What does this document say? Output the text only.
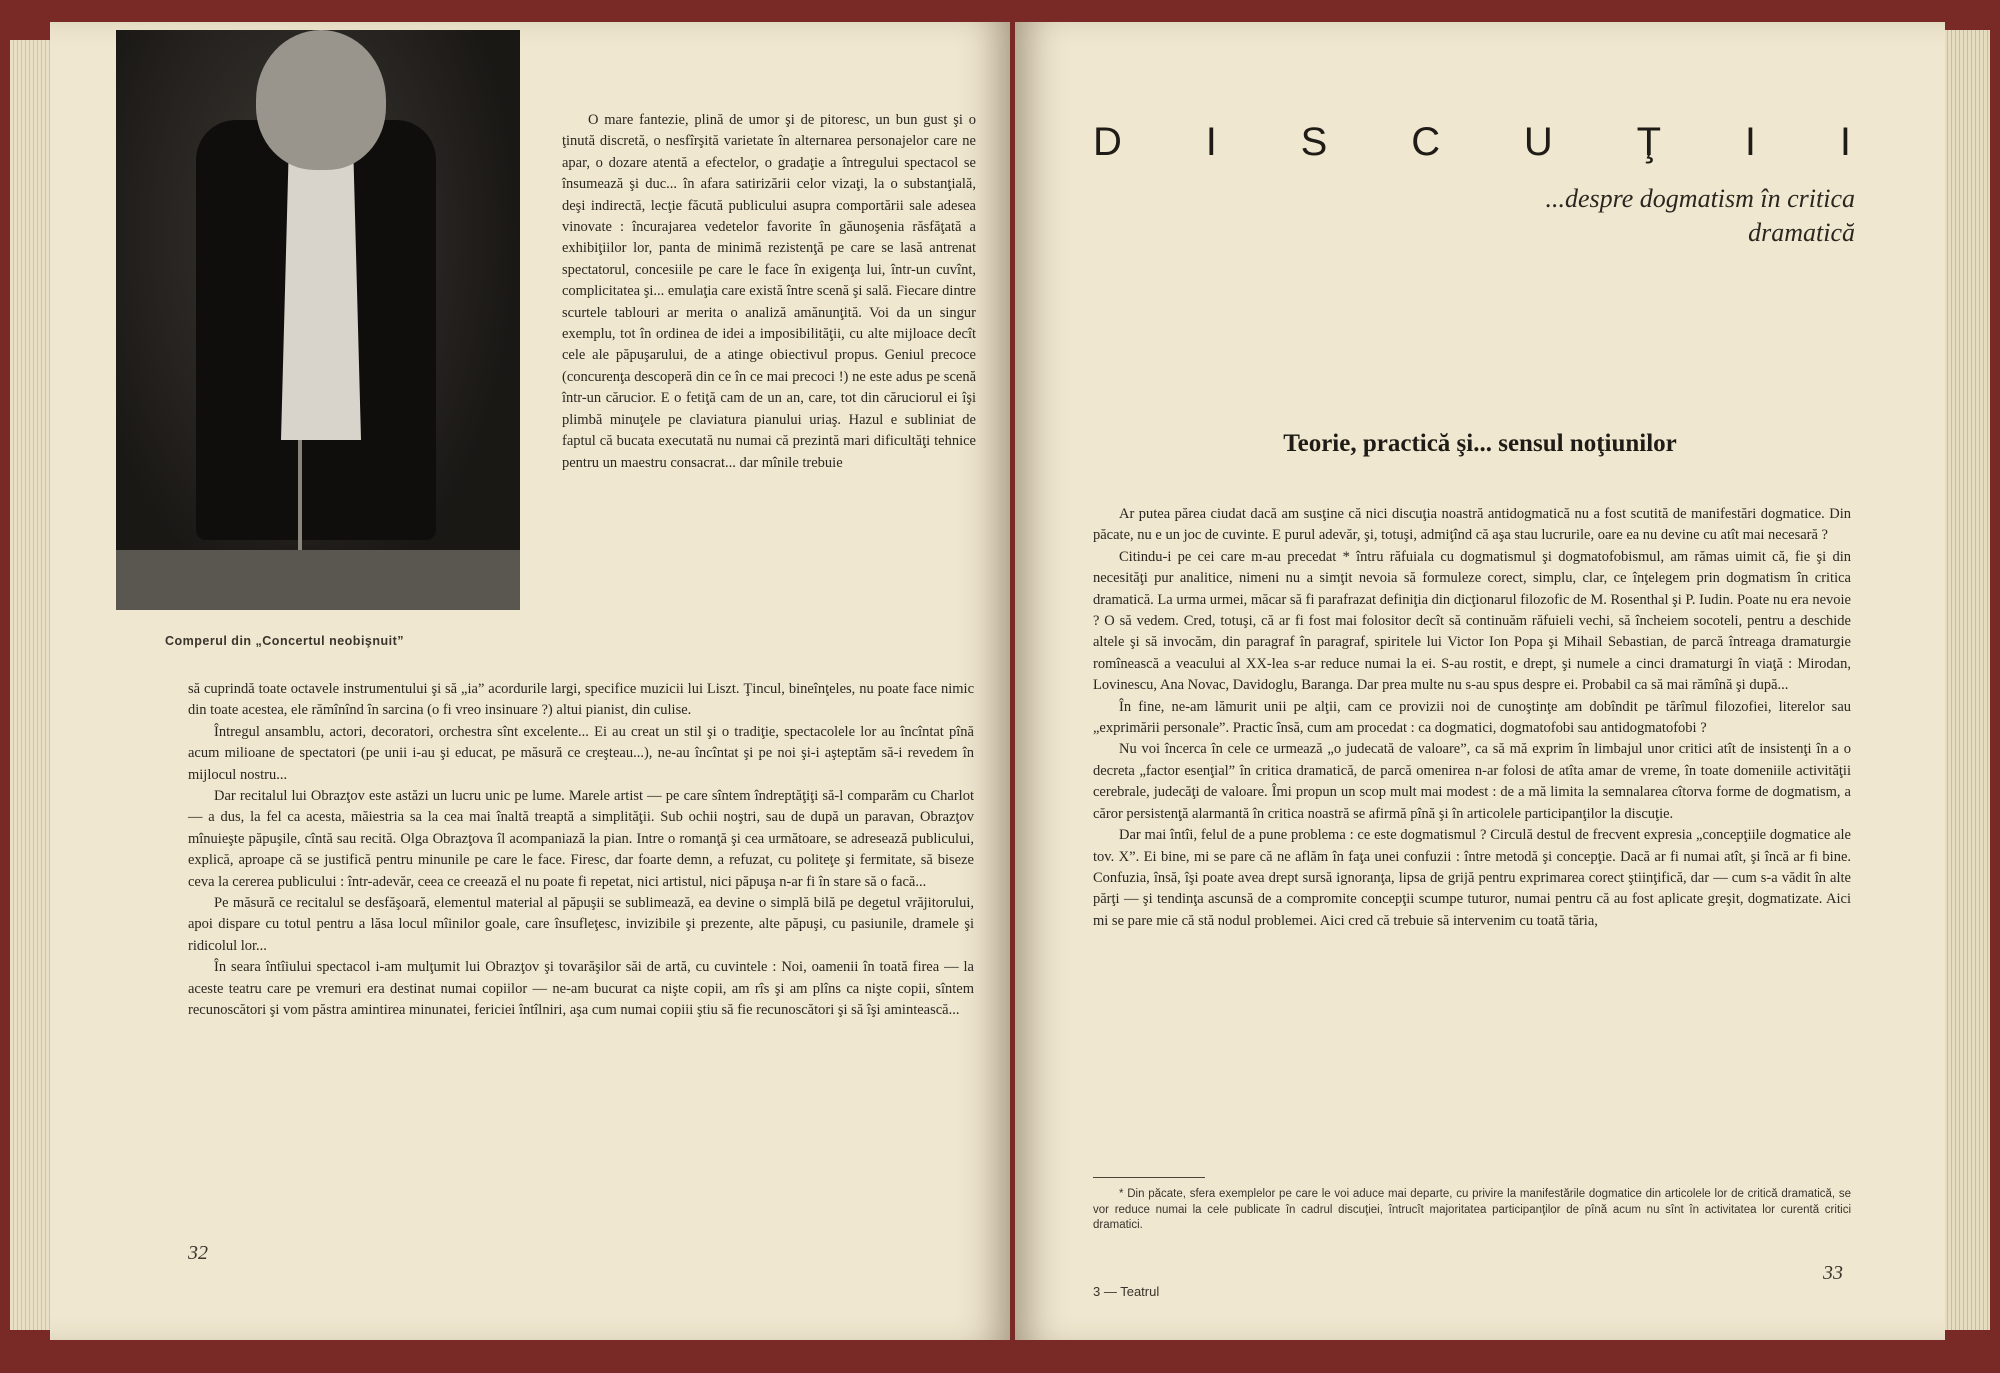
Comperul din „Concertul neobişnuit”

O mare fantezie, plină de umor şi de pitoresc, un bun gust şi o ţinută discretă, o nesfîrşită varietate în alternarea personajelor care ne apar, o dozare atentă a efectelor, o gradaţie a întregului spectacol se însumează şi duc... în afara satirizării celor vizaţi, la o substanţială, deşi indirectă, lecţie făcută publicului asupra comportării sale adesea vinovate : încurajarea vedetelor favorite în găunoşenia răsfăţată a exhibiţiilor lor, panta de minimă rezistenţă pe care se lasă antrenat spectatorul, concesiile pe care le face în exigenţa lui, într-un cuvînt, complicitatea şi... emulaţia care există între scenă şi sală. Fiecare dintre scurtele tablouri ar merita o analiză amănunţită. Voi da un singur exemplu, tot în ordinea de idei a imposibilităţii, cu alte mijloace decît cele ale păpuşarului, de a atinge obiectivul propus. Geniul precoce (concurenţa descoperă din ce în ce mai precoci !) ne este adus pe scenă într-un cărucior. E o fetiţă cam de un an, care, tot din căruciorul ei îşi plimbă minuţele pe claviatura pianului uriaş. Hazul e subliniat de faptul că bucata executată nu numai că prezintă mari dificultăţi tehnice pentru un maestru consacrat... dar mînile trebuie

să cuprindă toate octavele instrumentului şi să „ia” acordurile largi, specifice muzicii lui Liszt. Ţincul, bineînţeles, nu poate face nimic din toate acestea, ele rămînînd în sarcina (o fi vreo insinuare ?) altui pianist, din culise.

Întregul ansamblu, actori, decoratori, orchestra sînt excelente... Ei au creat un stil şi o tradiţie, spectacolele lor au încîntat pînă acum milioane de spectatori (pe unii i-au şi educat, pe măsură ce creşteau...), ne-au încîntat şi pe noi şi-i aşteptăm să-i revedem în mijlocul nostru...

Dar recitalul lui Obrazţov este astăzi un lucru unic pe lume. Marele artist — pe care sîntem îndreptăţiţi să-l comparăm cu Charlot — a dus, la fel ca acesta, măiestria sa la cea mai înaltă treaptă a simplităţii. Sub ochii noştri, sau de după un paravan, Obrazţov mînuieşte păpuşile, cîntă sau recită. Olga Obrazţova îl acompaniază la pian. Intre o romanţă şi cea următoare, se adresează publicului, explică, aproape că se justifică pentru minunile pe care le face. Firesc, dar foarte demn, a refuzat, cu politeţe şi fermitate, să biseze ceva la cererea publicului : într-adevăr, ceea ce creează el nu poate fi repetat, nici artistul, nici păpuşa n-ar fi în stare să o facă...

Pe măsură ce recitalul se desfăşoară, elementul material al păpuşii se sublimează, ea devine o simplă bilă pe degetul vrăjitorului, apoi dispare cu totul pentru a lăsa locul mîinilor goale, care însufleţesc, invizibile şi prezente, alte păpuşi, cu pasiunile, dramele şi ridicolul lor...

În seara întîiului spectacol i-am mulţumit lui Obrazţov şi tovarăşilor săi de artă, cu cuvintele : Noi, oamenii în toată firea — la aceste teatru care pe vremuri era destinat numai copiilor — ne-am bucurat ca nişte copii, am rîs şi am plîns ca nişte copii, sîntem recunoscători şi vom păstra amintirea minunatei, fericiei întîlniri, aşa cum numai copiii ştiu să fie recunoscători şi să îşi amintească...

32
D I S C U Ţ I I
...despre dogmatism în critica
dramatică
Teorie, practică şi... sensul noţiunilor

Ar putea părea ciudat dacă am susţine că nici discuţia noastră antidogmatică nu a fost scutită de manifestări dogmatice. Din păcate, nu e un joc de cuvinte. E purul adevăr, şi, totuşi, admiţînd că aşa stau lucrurile, oare ea nu devine cu atît mai necesară ?

Citindu-i pe cei care m-au precedat * întru răfuiala cu dogmatismul şi dogmatofobismul, am rămas uimit că, fie şi din necesităţi pur analitice, nimeni nu a simţit nevoia să formuleze corect, simplu, clar, ce înţelegem prin dogmatism în critica dramatică. La urma urmei, măcar să fi parafrazat definiţia din dicţionarul filozofic de M. Rosenthal şi P. Iudin. Poate nu era nevoie ? O să vedem. Cred, totuşi, că ar fi fost mai folositor decît să continuăm răfuieli vechi, să încheiem socoteli, pentru a deschide altele şi să invocăm, din paragraf în paragraf, spiritele lui Victor Ion Popa şi Mihail Sebastian, de parcă întreaga dramaturgie romînească a veacului al XX-lea s-ar reduce numai la ei. S-au rostit, e drept, şi numele a cinci dramaturgi în viaţă : Mirodan, Lovinescu, Ana Novac, Davidoglu, Baranga. Dar prea multe nu s-au spus despre ei. Probabil ca să mai rămînă şi după...

În fine, ne-am lămurit unii pe alţii, cam ce provizii noi de cunoştinţe am dobîndit pe tărîmul filozofiei, literelor sau „exprimării personale”. Practic însă, cum am procedat : ca dogmatici, dogmatofobi sau antidogmatofobi ?

Nu voi încerca în cele ce urmează „o judecată de valoare”, ca să mă exprim în limbajul unor critici atît de insistenţi în a o decreta „factor esenţial” în critica dramatică, de parcă omenirea n-ar folosi de atîta amar de vreme, în toate domeniile activităţii cerebrale, judecăţi de valoare. Îmi propun un scop mult mai modest : de a mă limita la semnalarea cîtorva forme de dogmatism, a căror persistenţă alarmantă în critica noastră se afirmă pînă şi în articolele participanţilor la discuţie.

Dar mai întîi, felul de a pune problema : ce este dogmatismul ? Circulă destul de frecvent expresia „concepţiile dogmatice ale tov. X”. Ei bine, mi se pare că ne aflăm în faţa unei confuzii : între metodă şi concepţie. Dacă ar fi numai atît, şi încă ar fi bine. Confuzia, însă, îşi poate avea drept sursă ignoranţa, lipsa de grijă pentru exprimarea corect ştiinţifică, dar — cum s-a vădit în alte părţi — şi tendinţa ascunsă de a compromite concepţii scumpe tuturor, numai pentru că au fost aplicate greşit, dogmatizate. Aici mi se pare mie că stă nodul problemei. Aici cred că trebuie să intervenim cu toată tăria,

* Din păcate, sfera exemplelor pe care le voi aduce mai departe, cu privire la manifestările dogmatice din articolele lor de critică dramatică, se vor reduce numai la cele publicate în cadrul discuţiei, întrucît majoritatea participanţilor de pînă acum nu sînt în activitatea lor curentă critici dramatici.

3 — Teatrul
33
